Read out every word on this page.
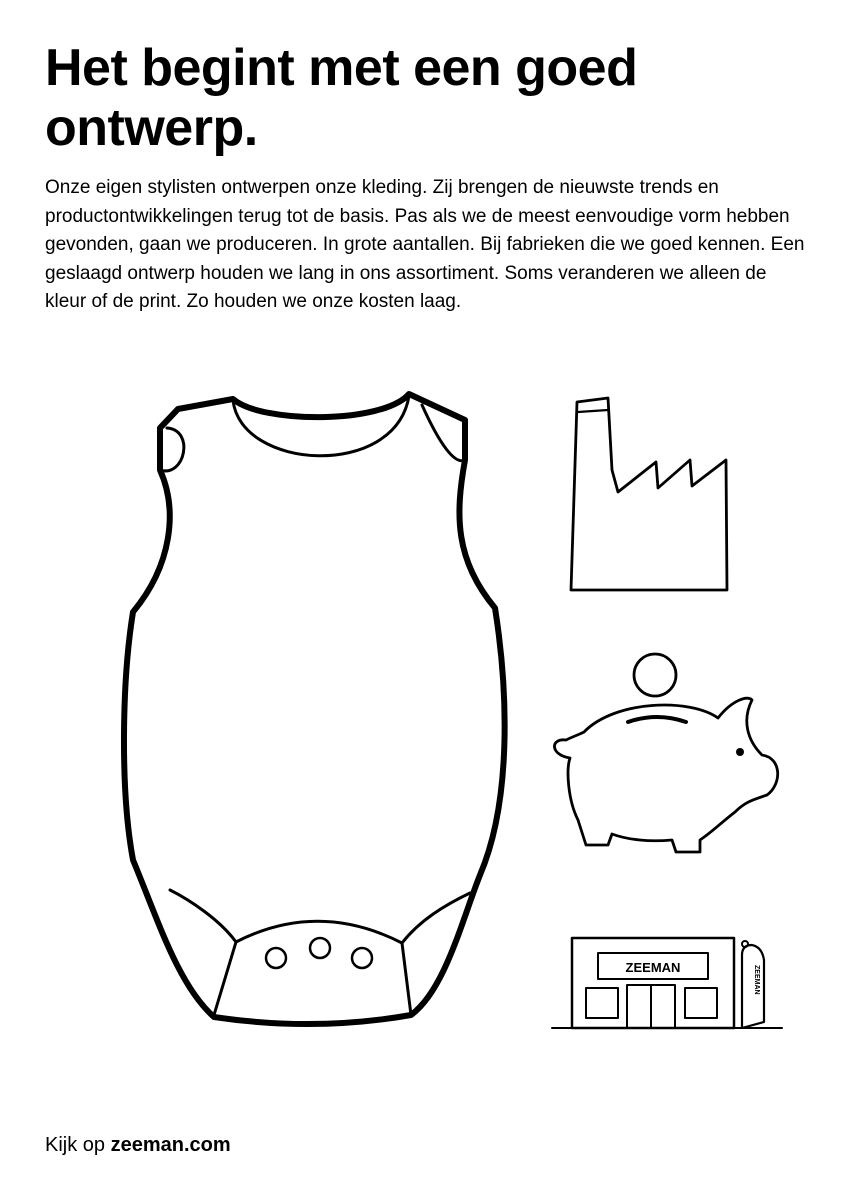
Het begint met een goed ontwerp.

Onze eigen stylisten ontwerpen onze kleding. Zij brengen de nieuwste trends en productontwikkelingen terug tot de basis. Pas als we de meest eenvoudige vorm hebben gevonden, gaan we produceren. In grote aantallen. Bij fabrieken die we goed kennen. Een geslaagd ontwerp houden we lang in ons assortiment. Soms veranderen we alleen de kleur of de print. Zo houden we onze kosten laag.

ZEEMAN	ZEEMAN

Kijk op zeeman.com
